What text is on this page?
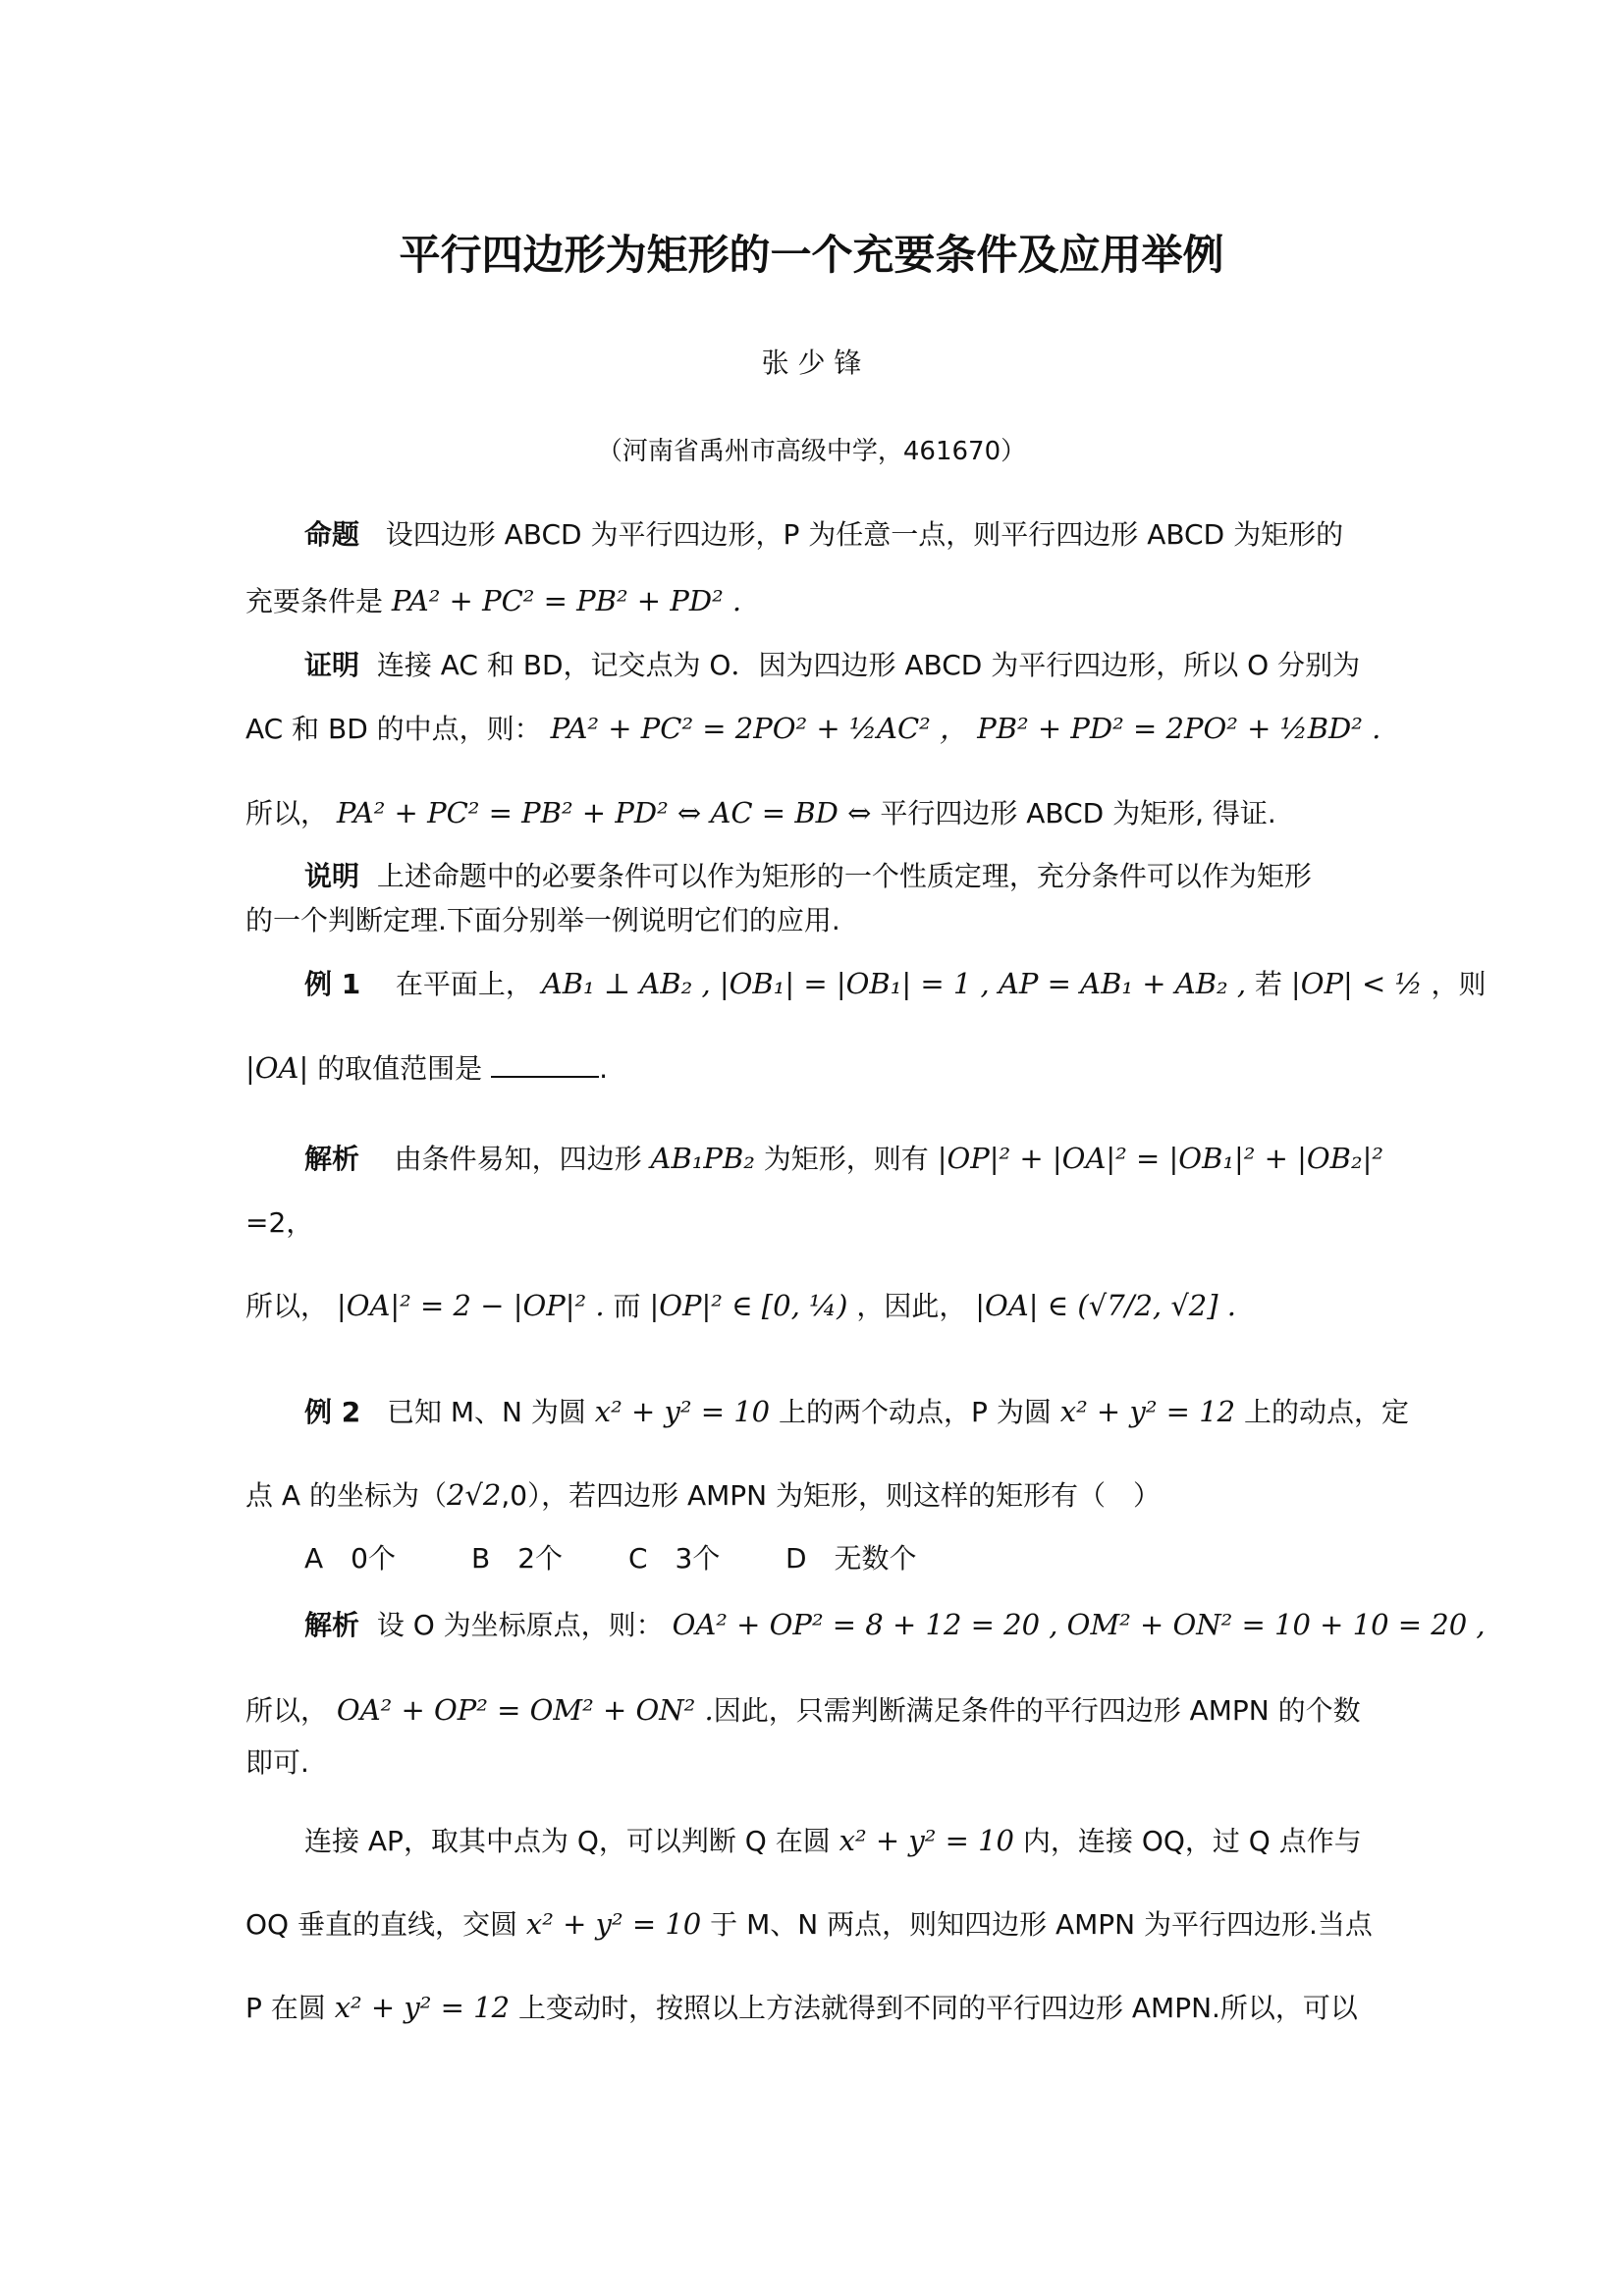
平行四边形为矩形的一个充要条件及应用举例
张 少 锋
（河南省禹州市高级中学，461670）
命题 设四边形 ABCD 为平行四边形，P 为任意一点，则平行四边形 ABCD 为矩形的
充要条件是 PA² + PC² = PB² + PD² .
证明 连接 AC 和 BD，记交点为 O．因为四边形 ABCD 为平行四边形，所以 O 分别为
AC 和 BD 的中点，则： PA² + PC² = 2PO² + ½AC² ， PB² + PD² = 2PO² + ½BD² .
所以， PA² + PC² = PB² + PD² ⇔ AC = BD ⇔ 平行四边形 ABCD 为矩形, 得证.
说明 上述命题中的必要条件可以作为矩形的一个性质定理，充分条件可以作为矩形
的一个判断定理.下面分别举一例说明它们的应用.
例 1 在平面上， AB₁ ⊥ AB₂ , |OB₁| = |OB₁| = 1 , AP = AB₁ + AB₂ , 若 |OP| < ½ ，则
|OA| 的取值范围是	.
解析 由条件易知，四边形 AB₁PB₂ 为矩形，则有 |OP|² + |OA|² = |OB₁|² + |OB₂|²
=2，
所以， |OA|² = 2 − |OP|² . 而 |OP|² ∈ [0, ¼) ，因此， |OA| ∈ (√7/2, √2] .
例 2 已知 M、N 为圆 x² + y² = 10 上的两个动点，P 为圆 x² + y² = 12 上的动点，定
点 A 的坐标为（2√2,0），若四边形 AMPN 为矩形，则这样的矩形有（　）
A　0个	B　2个 C　3个 D　无数个
解析 设 O 为坐标原点，则： OA² + OP² = 8 + 12 = 20 , OM² + ON² = 10 + 10 = 20 ,
所以， OA² + OP² = OM² + ON² .因此，只需判断满足条件的平行四边形 AMPN 的个数
即可.
连接 AP，取其中点为 Q，可以判断 Q 在圆 x² + y² = 10 内，连接 OQ，过 Q 点作与
OQ 垂直的直线，交圆 x² + y² = 10 于 M、N 两点，则知四边形 AMPN 为平行四边形.当点
P 在圆 x² + y² = 12 上变动时，按照以上方法就得到不同的平行四边形 AMPN.所以，可以
